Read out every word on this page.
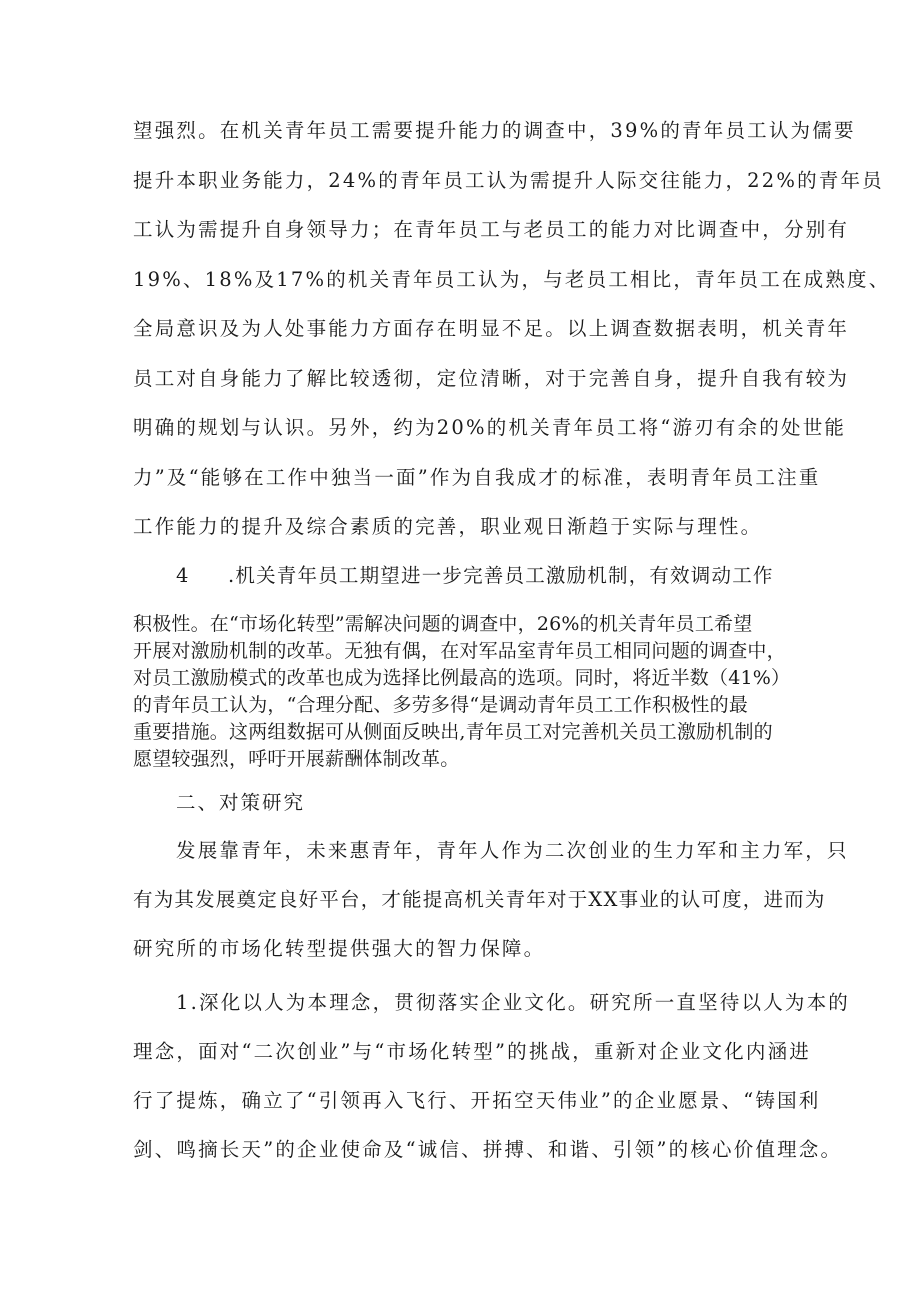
望强烈。在机关青年员工需要提升能力的调查中，39%的青年员工认为儒要

提升本职业务能力，24%的青年员工认为需提升人际交往能力，22%的青年员

工认为需提升自身领导力；在青年员工与老员工的能力对比调查中，分别有

19%、18%及17%的机关青年员工认为，与老员工相比，青年员工在成熟度、

全局意识及为人处事能力方面存在明显不足。以上调查数据表明，机关青年

员工对自身能力了解比较透彻，定位清晰，对于完善自身，提升自我有较为

明确的规划与认识。另外，约为20%的机关青年员工将“游刃有余的处世能

力”及“能够在工作中独当一面”作为自我成才的标准，表明青年员工注重

工作能力的提升及综合素质的完善，职业观日渐趋于实际与理性。

4 .机关青年员工期望进一步完善员工激励机制，有效调动工作

积极性。在“市场化转型”需解决问题的调查中，26%的机关青年员工希望

开展对激励机制的改革。无独有偶，在对军品室青年员工相同问题的调查中，

对员工激励模式的改革也成为选择比例最高的选项。同时，将近半数（41%）

的青年员工认为，“合理分配、多劳多得“是调动青年员工工作积极性的最

重要措施。这两组数据可从侧面反映出,青年员工对完善机关员工激励机制的

愿望较强烈，呼吁开展薪酬体制改革。

二、对策研究

发展靠青年，未来惠青年，青年人作为二次创业的生力军和主力军，只

有为其发展奠定良好平台，才能提高机关青年对于XX事业的认可度，进而为

研究所的市场化转型提供强大的智力保障。

1.深化以人为本理念，贯彻落实企业文化。研究所一直坚待以人为本的

理念，面对“二次创业”与“市场化转型”的挑战，重新对企业文化内涵进

行了提炼，确立了“引领再入飞行、开拓空天伟业”的企业愿景、“铸国利

剑、鸣摘长天”的企业使命及“诚信、拼搏、和谐、引领”的核心价值理念。
